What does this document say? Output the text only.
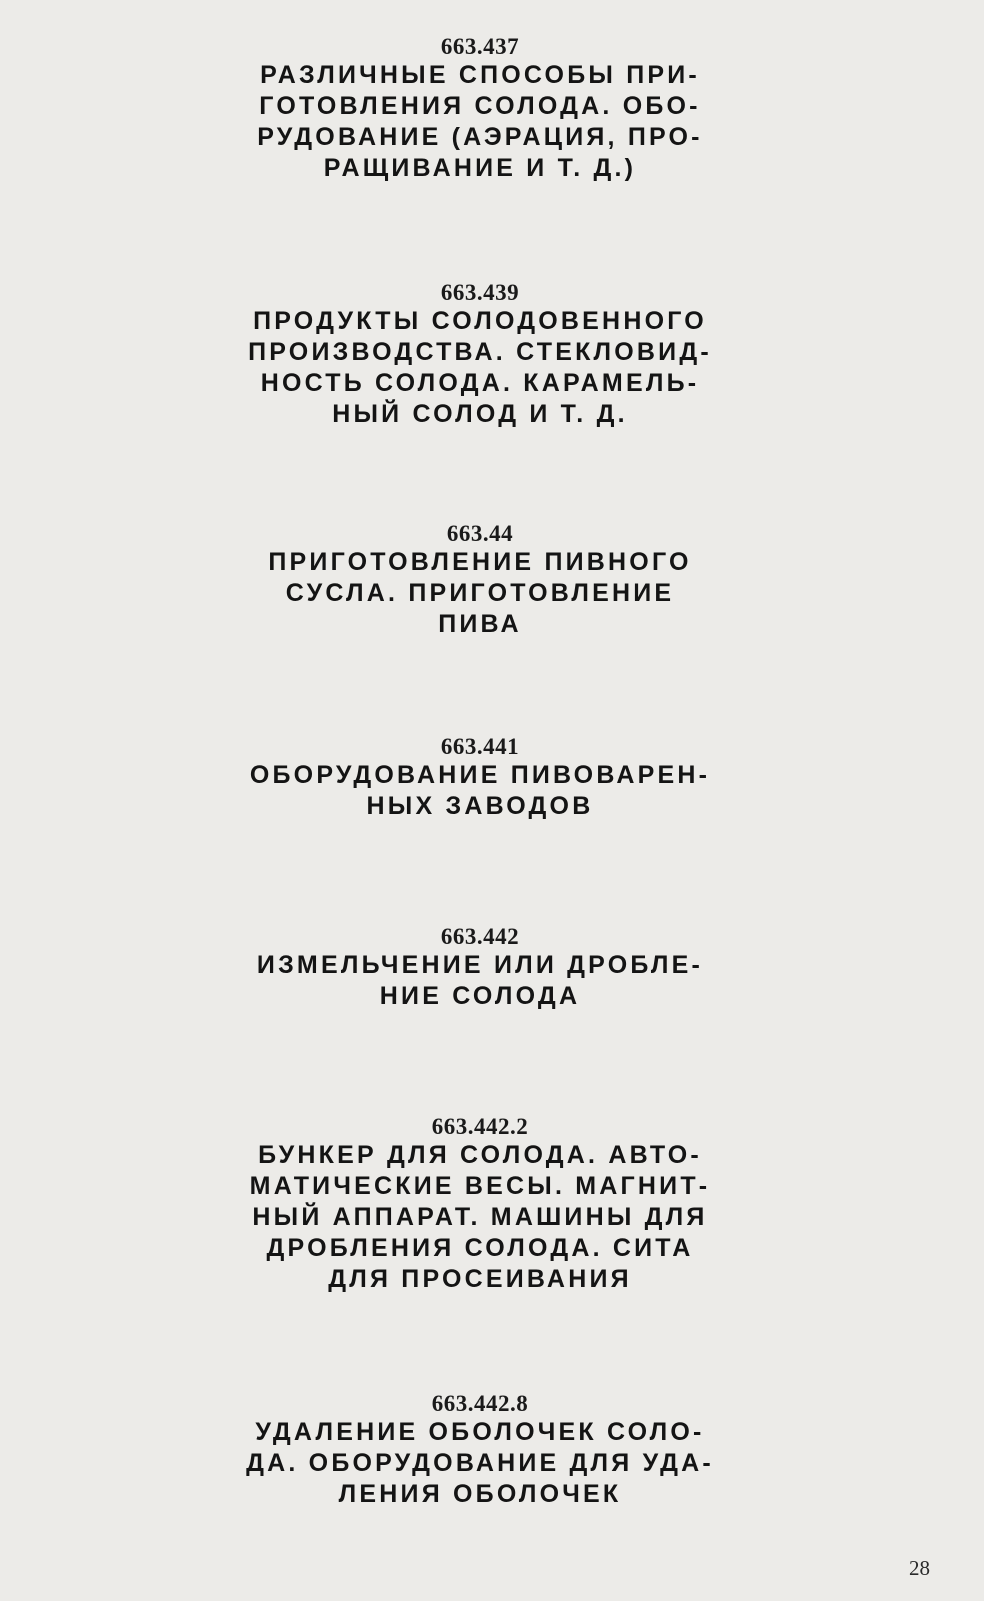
663.437
РАЗЛИЧНЫЕ СПОСОБЫ ПРИ-
ГОТОВЛЕНИЯ СОЛОДА. ОБО-
РУДОВАНИЕ (АЭРАЦИЯ, ПРО-
РАЩИВАНИЕ И Т. Д.)
663.439
ПРОДУКТЫ СОЛОДОВЕННОГО
ПРОИЗВОДСТВА. СТЕКЛОВИД-
НОСТЬ СОЛОДА. КАРАМЕЛЬ-
НЫЙ СОЛОД И Т. Д.
663.44
ПРИГОТОВЛЕНИЕ ПИВНОГО
СУСЛА. ПРИГОТОВЛЕНИЕ
ПИВА
663.441
ОБОРУДОВАНИЕ ПИВОВАРЕН-
НЫХ ЗАВОДОВ
663.442
ИЗМЕЛЬЧЕНИЕ ИЛИ ДРОБЛЕ-
НИЕ СОЛОДА
663.442.2
БУНКЕР ДЛЯ СОЛОДА. АВТО-
МАТИЧЕСКИЕ ВЕСЫ. МАГНИТ-
НЫЙ АППАРАТ. МАШИНЫ ДЛЯ
ДРОБЛЕНИЯ СОЛОДА. СИТА
ДЛЯ ПРОСЕИВАНИЯ
663.442.8
УДАЛЕНИЕ ОБОЛОЧЕК СОЛО-
ДА. ОБОРУДОВАНИЕ ДЛЯ УДА-
ЛЕНИЯ ОБОЛОЧЕК
28
